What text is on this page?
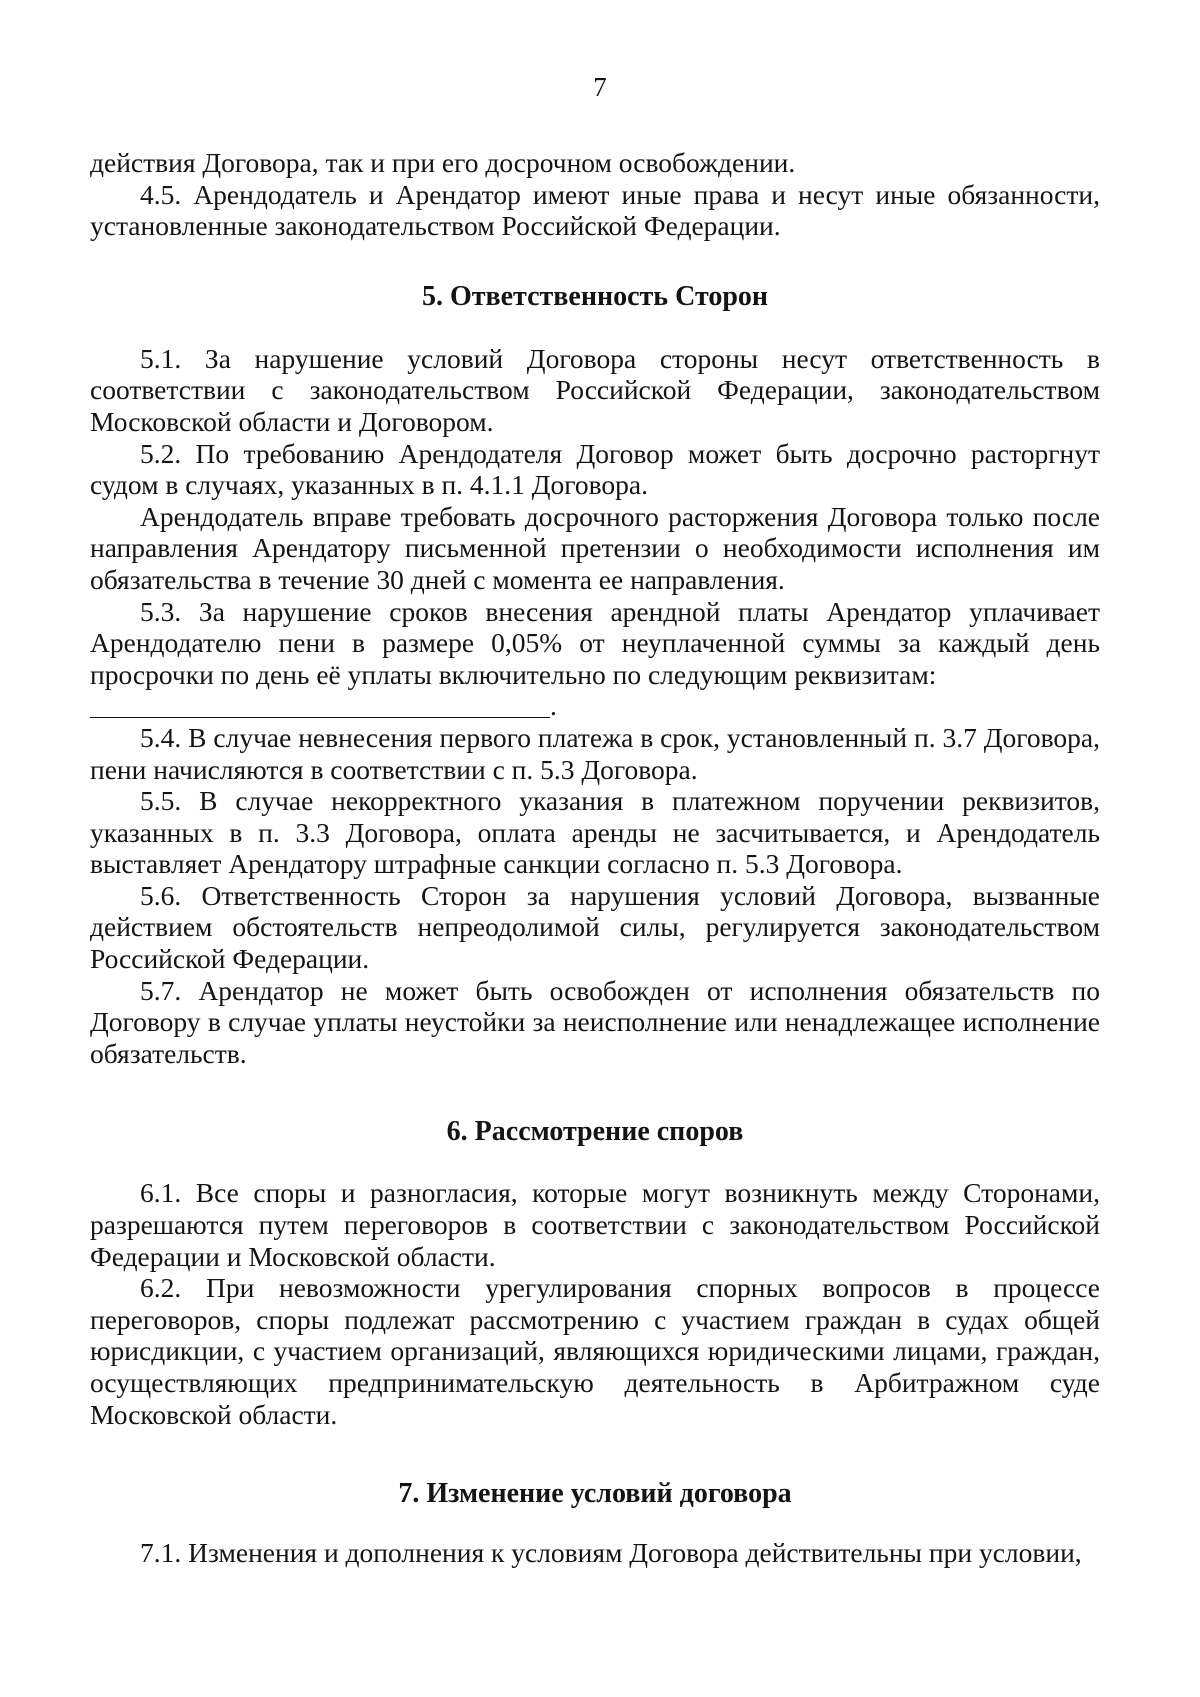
7

действия Договора, так и при его досрочном освобождении.

4.5. Арендодатель и Арендатор имеют иные права и несут иные обязанности, установленные законодательством Российской Федерации.

5. Ответственность Сторон

5.1. За нарушение условий Договора стороны несут ответственность в соответствии с законодательством Российской Федерации, законодательством Московской области и Договором.

5.2. По требованию Арендодателя Договор может быть досрочно расторгнут судом в случаях, указанных в п. 4.1.1 Договора.

Арендодатель вправе требовать досрочного расторжения Договора только после направления Арендатору письменной претензии о необходимости исполнения им обязательства в течение 30 дней с момента ее направления.

5.3. За нарушение сроков внесения арендной платы Арендатор уплачивает Арендодателю пени в размере 0,05% от неуплаченной суммы за каждый день просрочки по день её уплаты включительно по следующим реквизитам:

.

5.4. В случае невнесения первого платежа в срок, установленный п. 3.7 Договора, пени начисляются в соответствии с п. 5.3 Договора.

5.5. В случае некорректного указания в платежном поручении реквизитов, указанных в п. 3.3 Договора, оплата аренды не засчитывается, и Арендодатель выставляет Арендатору штрафные санкции согласно п. 5.3 Договора.

5.6. Ответственность Сторон за нарушения условий Договора, вызванные действием обстоятельств непреодолимой силы, регулируется законодательством Российской Федерации.

5.7. Арендатор не может быть освобожден от исполнения обязательств по Договору в случае уплаты неустойки за неисполнение или ненадлежащее исполнение обязательств.

6. Рассмотрение споров

6.1. Все споры и разногласия, которые могут возникнуть между Сторонами, разрешаются путем переговоров в соответствии с законодательством Российской Федерации и Московской области.

6.2. При невозможности урегулирования спорных вопросов в процессе переговоров, споры подлежат рассмотрению с участием граждан в судах общей юрисдикции, с участием организаций, являющихся юридическими лицами, граждан, осуществляющих предпринимательскую деятельность в Арбитражном суде Московской области.

7. Изменение условий договора

7.1. Изменения и дополнения к условиям Договора действительны при условии,
